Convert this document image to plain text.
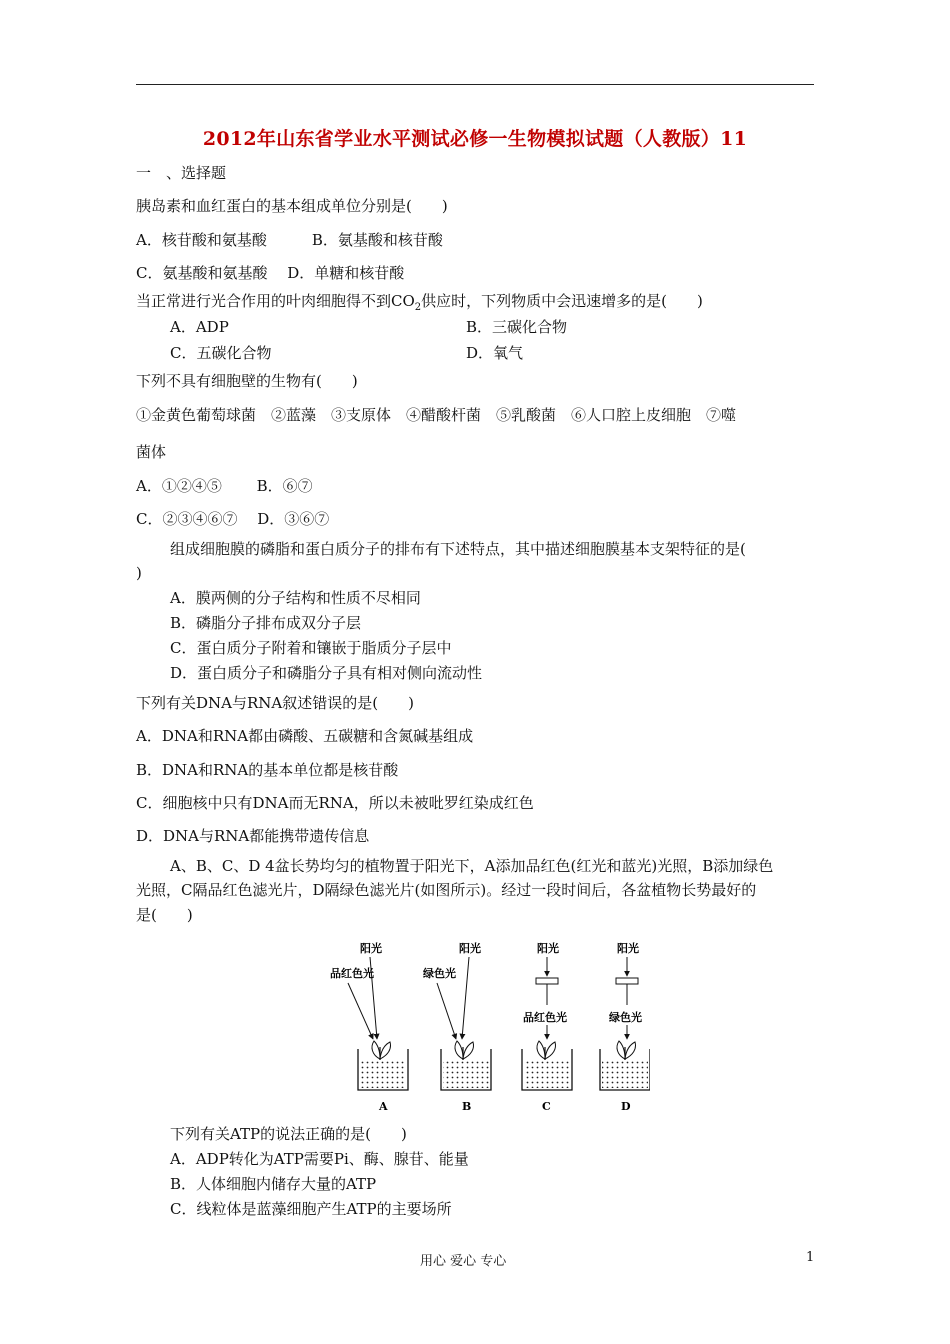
2012年山东省学业水平测试必修一生物模拟试题（人教版）11
一　、选择题
胰岛素和血红蛋白的基本组成单位分别是(　　)
A．核苷酸和氨基酸　　　B．氨基酸和核苷酸
C．氨基酸和氨基酸　 D．单糖和核苷酸
当正常进行光合作用的叶肉细胞得不到$CO_2$供应时，下列物质中会迅速增多的是(　　)
A．ADP	B．三碳化合物
C．五碳化合物	D．氧气
下列不具有细胞壁的生物有(　　)
①金黄色葡萄球菌　②蓝藻　③支原体　④醋酸杆菌　⑤乳酸菌　⑥人口腔上皮细胞　⑦噬
菌体
A．①②④⑤　　 B．⑥⑦
C．②③④⑥⑦　 D．③⑥⑦
组成细胞膜的磷脂和蛋白质分子的排布有下述特点，其中描述细胞膜基本支架特征的是(
)
A．膜两侧的分子结构和性质不尽相同
B．磷脂分子排布成双分子层
C．蛋白质分子附着和镶嵌于脂质分子层中
D．蛋白质分子和磷脂分子具有相对侧向流动性
下列有关DNA与RNA叙述错误的是(　　)
A．DNA和RNA都由磷酸、五碳糖和含氮碱基组成
B．DNA和RNA的基本单位都是核苷酸
C．细胞核中只有DNA而无RNA，所以未被吡罗红染成红色
D．DNA与RNA都能携带遗传信息
A、B、C、D 4盆长势均匀的植物置于阳光下，A添加品红色(红光和蓝光)光照，B添加绿色
光照，C隔品红色滤光片，D隔绿色滤光片(如图所示)。经过一段时间后，各盆植物长势最好的
是(　　)
阳光
品红色光
A
阳光
绿色光
B
阳光
品红色光
C
阳光
绿色光
D
下列有关ATP的说法正确的是(　　)
A．ADP转化为ATP需要Pi、酶、腺苷、能量
B．人体细胞内储存大量的ATP
C．线粒体是蓝藻细胞产生ATP的主要场所
用心 爱心 专心	1
